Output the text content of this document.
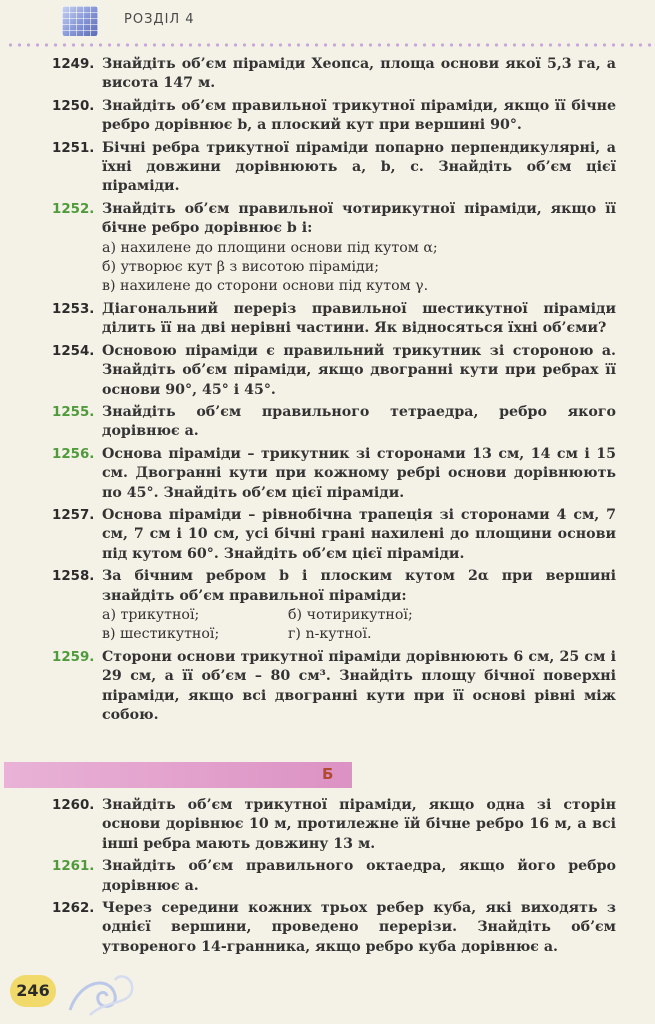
РОЗДІЛ 4
1249. Знайдіть об’єм піраміди Хеопса, площа основи якої 5,3 га, а висота 147 м.
1250. Знайдіть об’єм правильної трикутної піраміди, якщо її бічне ребро дорівнює b, а плоский кут при вершині 90°.
1251. Бічні ребра трикутної піраміди попарно перпендикулярні, а їхні довжини дорівнюють a, b, c. Знайдіть об’єм цієї піраміди.
1252. Знайдіть об’єм правильної чотирикутної піраміди, якщо її бічне ребро дорівнює b і:
а) нахилене до площини основи під кутом α;
б) утворює кут β з висотою піраміди;
в) нахилене до сторони основи під кутом γ.
1253. Діагональний переріз правильної шестикутної піраміди ділить її на дві нерівні частини. Як відносяться їхні об’єми?
1254. Основою піраміди є правильний трикутник зі стороною a. Знайдіть об’єм піраміди, якщо двогранні кути при ребрах її основи 90°, 45° і 45°.
1255. Знайдіть об’єм правильного тетраедра, ребро якого дорівнює a.
1256. Основа піраміди – трикутник зі сторонами 13 см, 14 см і 15 см. Двогранні кути при кожному ребрі основи дорівнюють по 45°. Знайдіть об’єм цієї піраміди.
1257. Основа піраміди – рівнобічна трапеція зі сторонами 4 см, 7 см, 7 см і 10 см, усі бічні грані нахилені до площини основи під кутом 60°. Знайдіть об’єм цієї піраміди.
1258. За бічним ребром b і плоским кутом 2α при вершині знайдіть об’єм правильної піраміди:
а) трикутної;	б) чотирикутної;
в) шестикутної;	г) n-кутної.
1259. Сторони основи трикутної піраміди дорівнюють 6 см, 25 см і 29 см, а її об’єм – 80 см³. Знайдіть площу бічної поверхні піраміди, якщо всі двогранні кути при її основі рівні між собою.
Б
1260. Знайдіть об’єм трикутної піраміди, якщо одна зі сторін основи дорівнює 10 м, протилежне їй бічне ребро 16 м, а всі інші ребра мають довжину 13 м.
1261. Знайдіть об’єм правильного октаедра, якщо його ребро дорівнює a.
1262. Через середини кожних трьох ребер куба, які виходять з однієї вершини, проведено перерізи. Знайдіть об’єм утвореного 14-гранника, якщо ребро куба дорівнює a.
246
